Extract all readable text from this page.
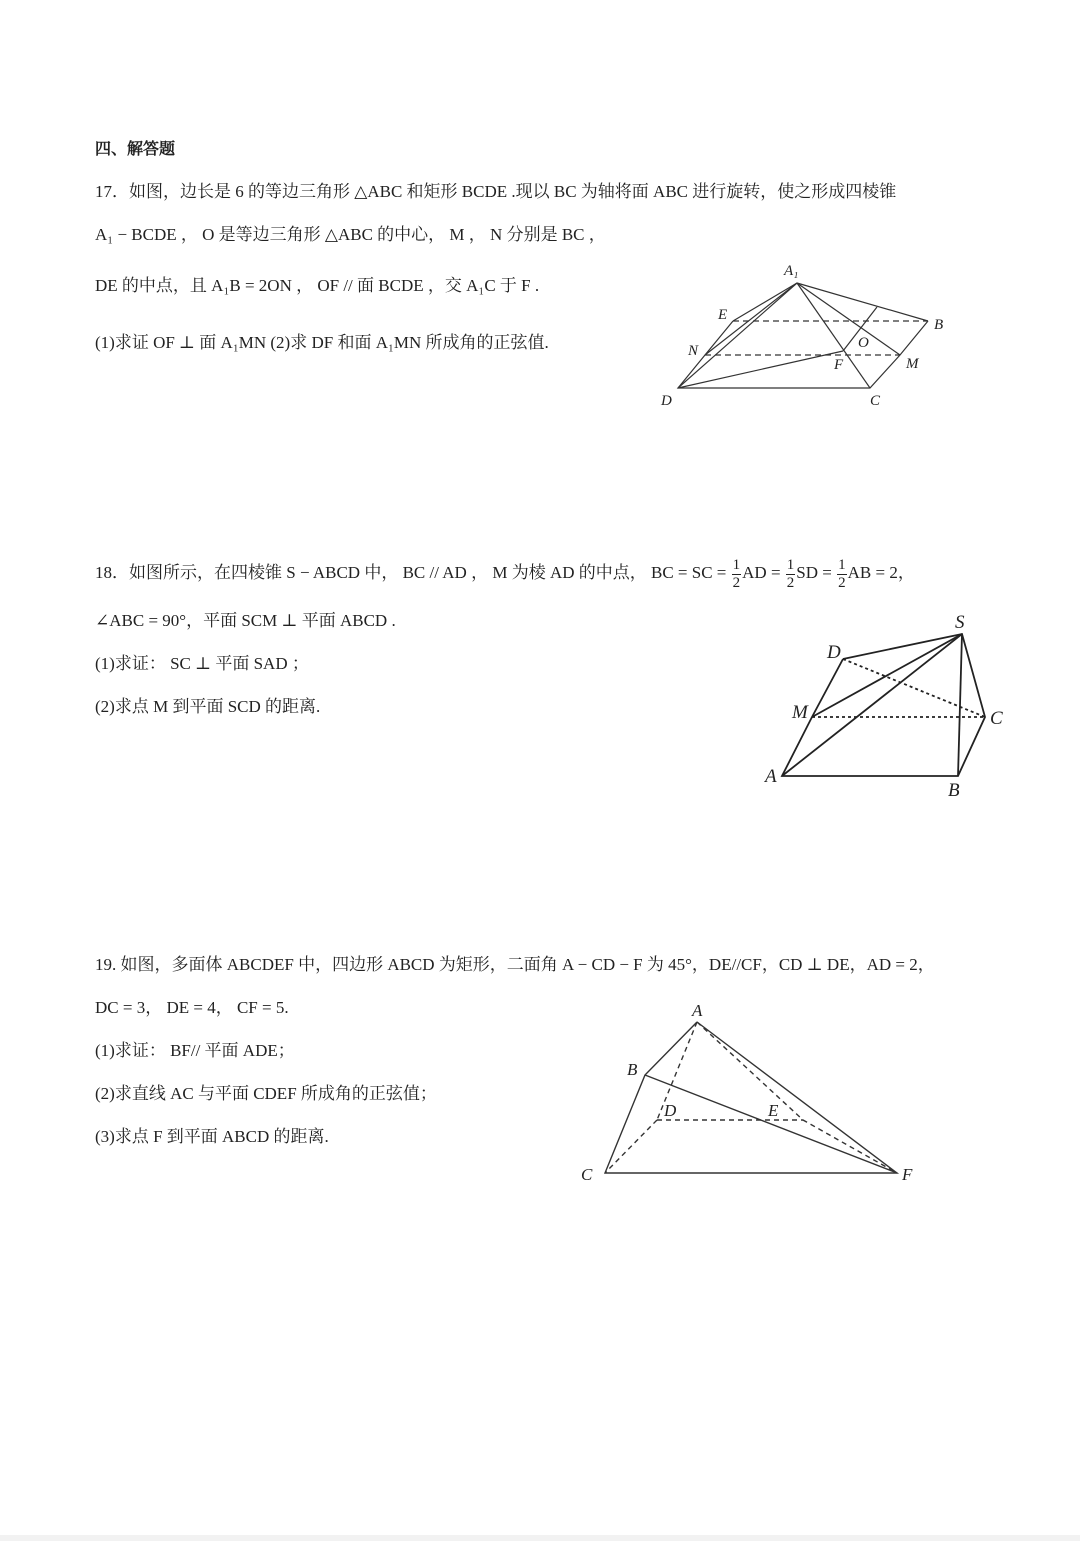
四、解答题
17．如图，边长是 6 的等边三角形 △ABC 和矩形 BCDE .现以 BC 为轴将面 ABC 进行旋转，使之形成四棱锥
A₁ − BCDE ， O 是等边三角形 △ABC 的中心， M ， N 分别是 BC ，
DE 的中点，且 A₁B = 2ON ， OF // 面 BCDE ，交 A₁C 于 F .
(1)求证 OF ⊥ 面 A₁MN (2)求 DF 和面 A₁MN 所成角的正弦值.
18．如图所示，在四棱锥 S − ABCD 中， BC // AD ， M 为棱 AD 的中点， BC = SC = $\frac{1}{2}$ AD = $\frac{1}{2}$ SD = $\frac{1}{2}$ AB = 2，
∠ABC = 90°，平面 SCM ⊥ 平面 ABCD .
(1)求证： SC ⊥ 平面 SAD ；
(2)求点 M 到平面 SCD 的距离.
19. 如图，多面体 ABCDEF 中，四边形 ABCD 为矩形，二面角 A − CD − F 为 45°，DE//CF，CD ⊥ DE，AD = 2，
DC = 3， DE = 4， CF = 5.
(1)求证： BF// 平面 ADE；
(2)求直线 AC 与平面 CDEF 所成角的正弦值；
(3)求点 F 到平面 ABCD 的距离.
A₁
E
B
N	O
F	M
D	C
S
D
M	C
A
B
A
B
D	E
C	F
